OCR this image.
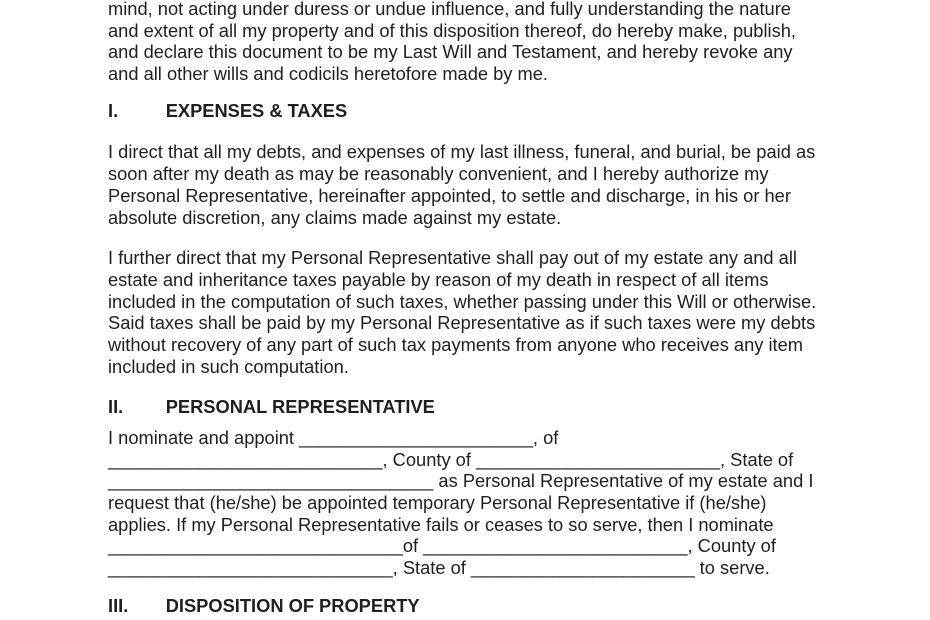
mind, not acting under duress or undue influence, and fully understanding the nature
and extent of all my property and of this disposition thereof, do hereby make, publish,
and declare this document to be my Last Will and Testament, and hereby revoke any
and all other wills and codicils heretofore made by me.
I.	EXPENSES & TAXES
I direct that all my debts, and expenses of my last illness, funeral, and burial, be paid as
soon after my death as may be reasonably convenient, and I hereby authorize my
Personal Representative, hereinafter appointed, to settle and discharge, in his or her
absolute discretion, any claims made against my estate.
I further direct that my Personal Representative shall pay out of my estate any and all
estate and inheritance taxes payable by reason of my death in respect of all items
included in the computation of such taxes, whether passing under this Will or otherwise.
Said taxes shall be paid by my Personal Representative as if such taxes were my debts
without recovery of any part of such tax payments from anyone who receives any item
included in such computation.
II. PERSONAL REPRESENTATIVE
I nominate and appoint _______________________, of
___________________________, County of ________________________, State of
________________________________ as Personal Representative of my estate and I
request that (he/she) be appointed temporary Personal Representative if (he/she)
applies. If my Personal Representative fails or ceases to so serve, then I nominate
_____________________________of __________________________, County of
____________________________, State of ______________________ to serve.
III. DISPOSITION OF PROPERTY
